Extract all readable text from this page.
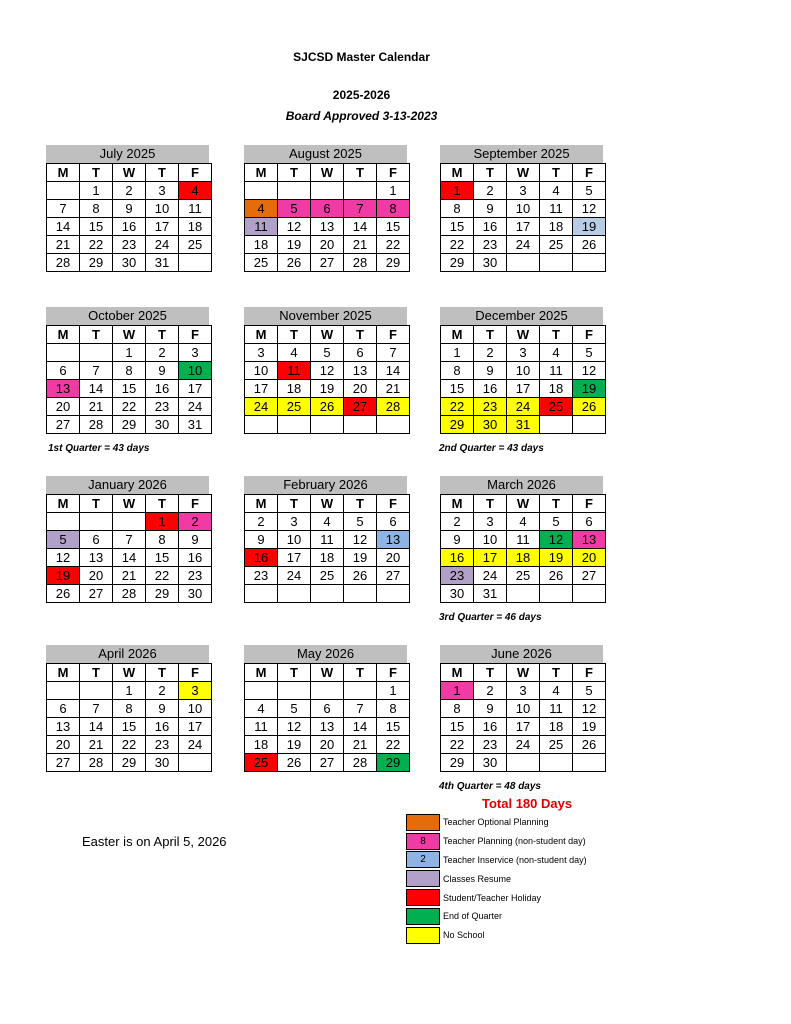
SJCSD Master Calendar
2025-2026
Board Approved 3-13-2023
July 2025
M	T	W	T	F
	1	2	3	4
7	8	9	10	11
14	15	16	17	18
21	22	23	24	25
28	29	30	31	
August 2025
M	T	W	T	F
				1
4	5	6	7	8
11	12	13	14	15
18	19	20	21	22
25	26	27	28	29
September 2025
M	T	W	T	F
1	2	3	4	5
8	9	10	11	12
15	16	17	18	19
22	23	24	25	26
29	30			
October 2025
M	T	W	T	F
		1	2	3
6	7	8	9	10
13	14	15	16	17
20	21	22	23	24
27	28	29	30	31
November 2025
M	T	W	T	F
3	4	5	6	7
10	11	12	13	14
17	18	19	20	21
24	25	26	27	28

December 2025
M	T	W	T	F
1	2	3	4	5
8	9	10	11	12
15	16	17	18	19
22	23	24	25	26
29	30	31		
January 2026
M	T	W	T	F
			1	2
5	6	7	8	9
12	13	14	15	16
19	20	21	22	23
26	27	28	29	30
February 2026
M	T	W	T	F
2	3	4	5	6
9	10	11	12	13
16	17	18	19	20
23	24	25	26	27

March 2026
M	T	W	T	F
2	3	4	5	6
9	10	11	12	13
16	17	18	19	20
23	24	25	26	27
30	31			
April 2026
M	T	W	T	F
		1	2	3
6	7	8	9	10
13	14	15	16	17
20	21	22	23	24
27	28	29	30	
May 2026
M	T	W	T	F
				1
4	5	6	7	8
11	12	13	14	15
18	19	20	21	22
25	26	27	28	29
June 2026
M	T	W	T	F
1	2	3	4	5
8	9	10	11	12
15	16	17	18	19
22	23	24	25	26
29	30			
1st Quarter = 43 days	2nd Quarter = 43 days
3rd Quarter = 46 days
4th Quarter = 48 days
Total 180 Days
Easter is on April 5, 2026
Teacher Optional Planning
8	Teacher Planning (non-student day)
2	Teacher Inservice (non-student day)
Classes Resume
Student/Teacher Holiday
End of Quarter
No School
